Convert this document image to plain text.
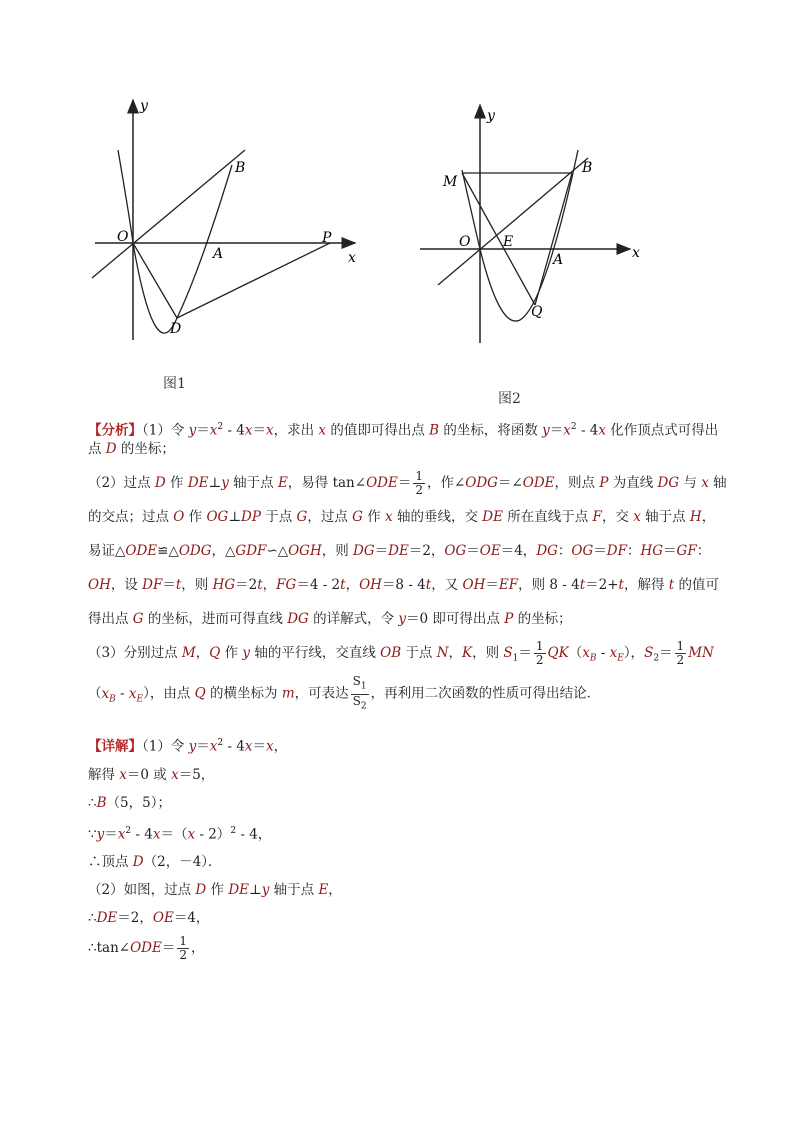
y
x
O
A
B
P
D
图1
y
x
O E
A
B
M
Q
图2

【分析】（1）令 $y=x^2 - 4x=x$，求出 x 的值即可得出点 B 的坐标，将函数 $y=x^2 - 4x$ 化作顶点式可得出点 D 的坐标；

（2）过点 D 作 DE⊥y 轴于点 E，易得 tan∠ODE＝ $\frac{1}{2}$ ，作∠ODG＝∠ODE，则点 P 为直线 DG 与 x 轴的交点；过点 O 作 OG⊥DP 于点 G，过点 G 作 x 轴的垂线，交 DE 所在直线于点 F，交 x 轴于点 H，易证△ODE≌△ODG，△GDF∽△OGH，则 DG＝DE＝2，OG＝OE＝4，DG：OG＝DF：HG＝GF：OH，设 DF＝t，则 HG＝2t，FG＝4 - 2t，OH＝8 - 4t，又 OH＝EF，则 8 - 4t＝2+t，解得 t 的值可得出点 G 的坐标，进而可得直线 DG 的详解式，令 y＝0 即可得出点 P 的坐标；

（3）分别过点 M，Q 作 y 轴的平行线，交直线 OB 于点 N，K，则 $S_1= \frac{1}{2} QK(x_B - x_E)$，$S_2= \frac{1}{2} MN(x_B - x_E)$，由点 Q 的横坐标为 m，可表达 $\frac{S_1}{S_2}$ ，再利用二次函数的性质可得出结论．

【详解】（1）令 $y=x^2 - 4x=x$，

解得 x＝0 或 x＝5，

∴B（5，5）；

$\because y=x^2 - 4x=(x - 2)^2 - 4$，

∴顶点 D（2，－4）．

（2）如图，过点 D 作 DE⊥y 轴于点 E，

∴DE＝2，OE＝4，

∴tan∠ODE＝ $\frac{1}{2}$ ，
